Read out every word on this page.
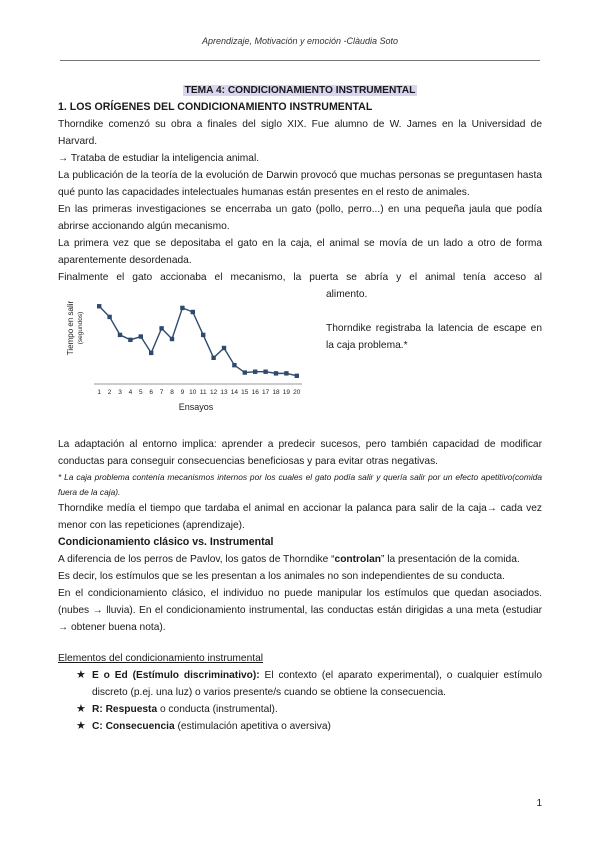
Aprendizaje, Motivación y emoción -Clàudia Soto

TEMA 4: CONDICIONAMIENTO INSTRUMENTAL

1. LOS ORÍGENES DEL CONDICIONAMIENTO INSTRUMENTAL

Thorndike comenzó su obra a finales del siglo XIX. Fue alumno de W. James en la Universidad de Harvard.

→ Trataba de estudiar la inteligencia animal.

La publicación de la teoría de la evolución de Darwin provocó que muchas personas se preguntasen hasta qué punto las capacidades intelectuales humanas están presentes en el resto de animales.

En las primeras investigaciones se encerraba un gato (pollo, perro...) en una pequeña jaula que podía abrirse accionando algún mecanismo.

La primera vez que se depositaba el gato en la caja, el animal se movía de un lado a otro de forma aparentemente desordenada.

Finalmente el gato accionaba el mecanismo, la puerta se abría y el animal tenía acceso al

1 2 3 4 5 6 7 8 9 10 11 12 13 14 15 16 17 18 19 20
Tiempo en salir (segundos)
Ensayos

alimento.

Thorndike registraba la latencia de escape en la caja problema.*

La adaptación al entorno implica: aprender a predecir sucesos, pero también capacidad de modificar conductas para conseguir consecuencias beneficiosas y para evitar otras negativas.

* La caja problema contenía mecanismos internos por los cuales el gato podía salir y quería salir por un efecto apetitivo(comida fuera de la caja).

Thorndike medía el tiempo que tardaba el animal en accionar la palanca para salir de la caja→ cada vez menor con las repeticiones (aprendizaje).

Condicionamiento clásico vs. Instrumental

A diferencia de los perros de Pavlov, los gatos de Thorndike “controlan” la presentación de la comida.

Es decir, los estímulos que se les presentan a los animales no son independientes de su conducta.

En el condicionamiento clásico, el individuo no puede manipular los estímulos que quedan asociados. (nubes → lluvia). En el condicionamiento instrumental, las conductas están dirigidas a una meta (estudiar → obtener buena nota).

Elementos del condicionamiento instrumental

★ E o Ed (Estímulo discriminativo): El contexto (el aparato experimental), o cualquier estímulo discreto (p.ej. una luz) o varios presente/s cuando se obtiene la consecuencia.
★ R: Respuesta o conducta (instrumental).
★ C: Consecuencia (estimulación apetitiva o aversiva)
1
